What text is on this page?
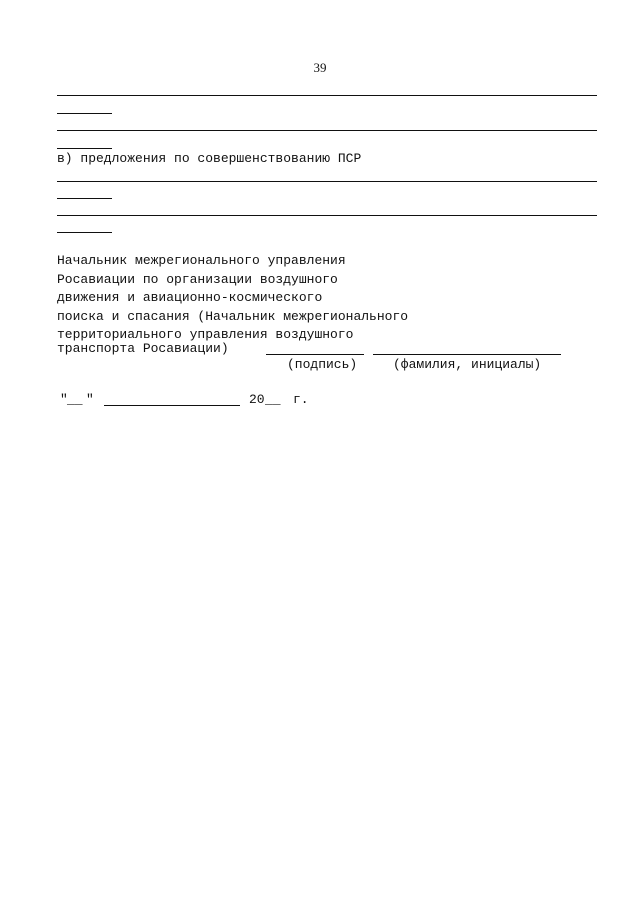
39
в) предложения по совершенствованию ПСР
Начальник межрегионального управления
Росавиации по организации воздушного
движения и авиационно-космического
поиска и спасания (Начальник межрегионального
территориального управления воздушного
транспорта Росавиации)
(подпись)	(фамилия, инициалы)
" __ "	20 __ г.
